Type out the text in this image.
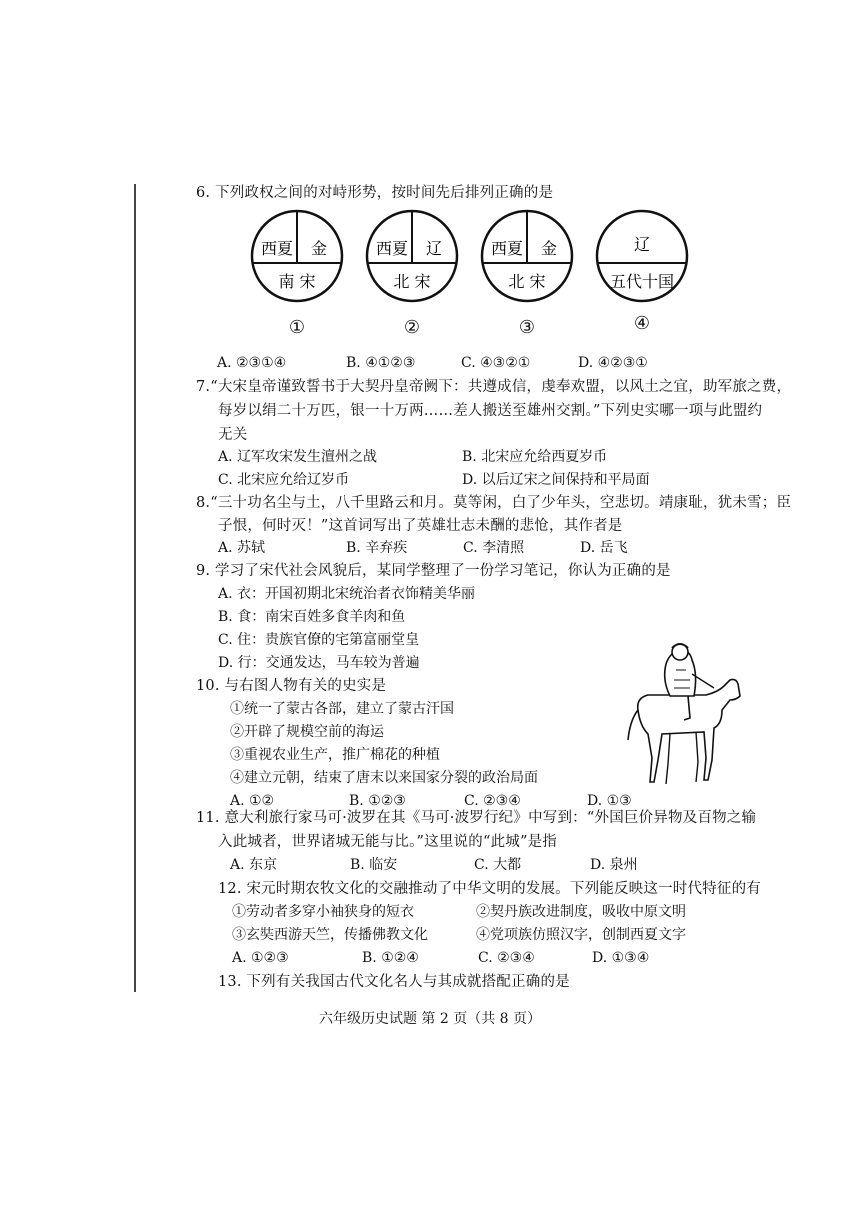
6. 下列政权之间的对峙形势，按时间先后排列正确的是
西夏 金
南 宋
①
西夏 辽
北 宋
②
西夏 金
北 宋
③
辽
五代十国
④
A. ②③①④	B. ④①②③	C. ④③②①	D. ④②③①
7.“大宋皇帝谨致誓书于大契丹皇帝阙下：共遵成信，虔奉欢盟，以风土之宜，助军旅之费，
每岁以绢二十万匹，银一十万两……差人搬送至雄州交割。”下列史实哪一项与此盟约
无关
A. 辽军攻宋发生澶州之战	B. 北宋应允给西夏岁币
C. 北宋应允给辽岁币	D. 以后辽宋之间保持和平局面
8.“三十功名尘与土，八千里路云和月。莫等闲，白了少年头，空悲切。靖康耻，犹未雪；臣
子恨，何时灭！”这首词写出了英雄壮志未酬的悲怆，其作者是
A. 苏轼	B. 辛弃疾	C. 李清照	D. 岳飞
9. 学习了宋代社会风貌后，某同学整理了一份学习笔记，你认为正确的是
A. 衣：开国初期北宋统治者衣饰精美华丽
B. 食：南宋百姓多食羊肉和鱼
C. 住：贵族官僚的宅第富丽堂皇
D. 行：交通发达，马车较为普遍
10. 与右图人物有关的史实是
①统一了蒙古各部，建立了蒙古汗国
②开辟了规模空前的海运
③重视农业生产，推广棉花的种植
④建立元朝，结束了唐末以来国家分裂的政治局面
A. ①②	B. ①②③	C. ②③④	D. ①③
11. 意大利旅行家马可·波罗在其《马可·波罗行纪》中写到：“外国巨价异物及百物之输
入此城者，世界诸城无能与比。”这里说的“此城”是指
A. 东京	B. 临安	C. 大都	D. 泉州
12. 宋元时期农牧文化的交融推动了中华文明的发展。下列能反映这一时代特征的有
①劳动者多穿小袖狭身的短衣	②契丹族改进制度，吸收中原文明
③玄奘西游天竺，传播佛教文化	④党项族仿照汉字，创制西夏文字
A. ①②③	B. ①②④	C. ②③④	D. ①③④
13. 下列有关我国古代文化名人与其成就搭配正确的是
六年级历史试题 第 2 页（共 8 页）
